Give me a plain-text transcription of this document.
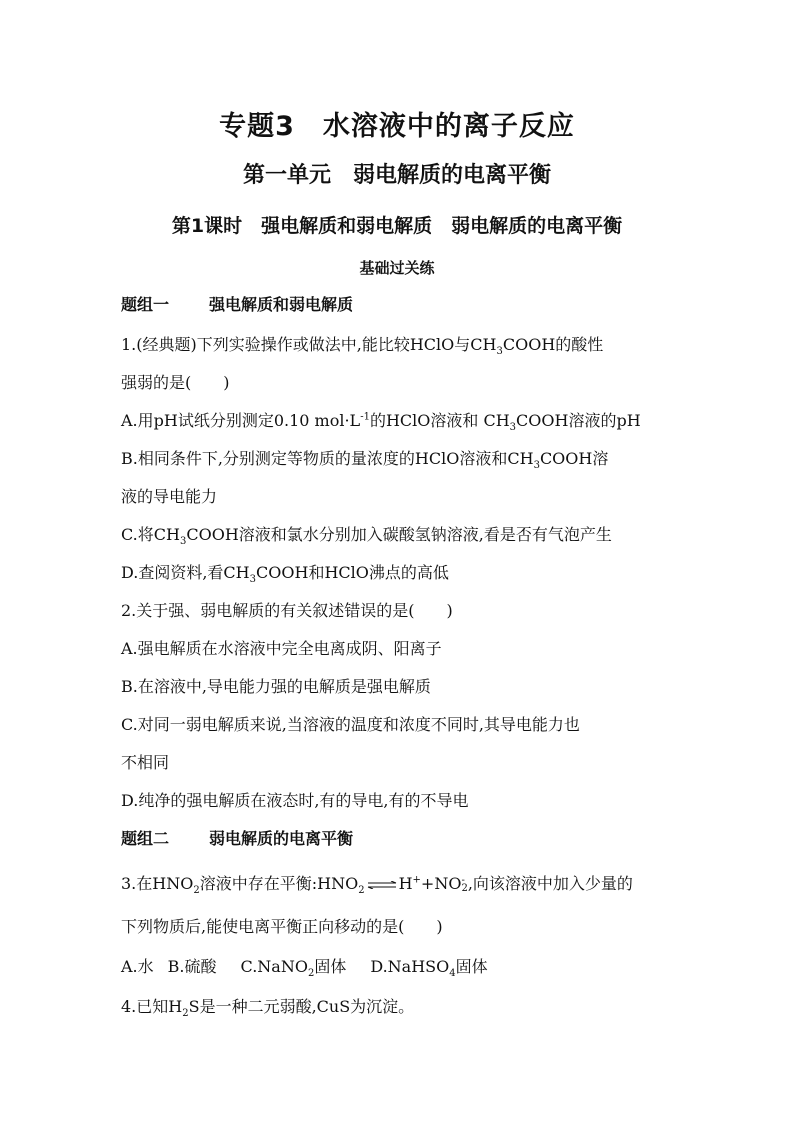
专题3　水溶液中的离子反应
第一单元　弱电解质的电离平衡
第1课时　强电解质和弱电解质　弱电解质的电离平衡
基础过关练
题组一	强电解质和弱电解质
1.(经典题)下列实验操作或做法中,能比较HClO与$CH_3COOH$的酸性
强弱的是(　　)
A.用pH试纸分别测定0.10 $mol\cdot L^{-1}$的HClO溶液和 $CH_3COOH$溶液的pH
B.相同条件下,分别测定等物质的量浓度的HClO溶液和$CH_3COOH$溶
液的导电能力
C.将$CH_3COOH$溶液和氯水分别加入碳酸氢钠溶液,看是否有气泡产生
D.查阅资料,看$CH_3COOH$和HClO沸点的高低
2.关于强、弱电解质的有关叙述错误的是(　　)
A.强电解质在水溶液中完全电离成阴、阳离子
B.在溶液中,导电能力强的电解质是强电解质
C.对同一弱电解质来说,当溶液的温度和浓度不同时,其导电能力也
不相同
D.纯净的强电解质在液态时,有的导电,有的不导电
题组二	弱电解质的电离平衡
3.在$HNO_2$溶液中存在平衡$:HNO_2$ ⇌ H++NO -
2 ,向该溶液中加入少量的
下列物质后,能使电离平衡正向移动的是(　　)
A.水 B.硫酸 C.NaNO$_2$固体 D.NaHSO$_4$固体
4.已知$H_2S$是一种二元弱酸,CuS为沉淀。
